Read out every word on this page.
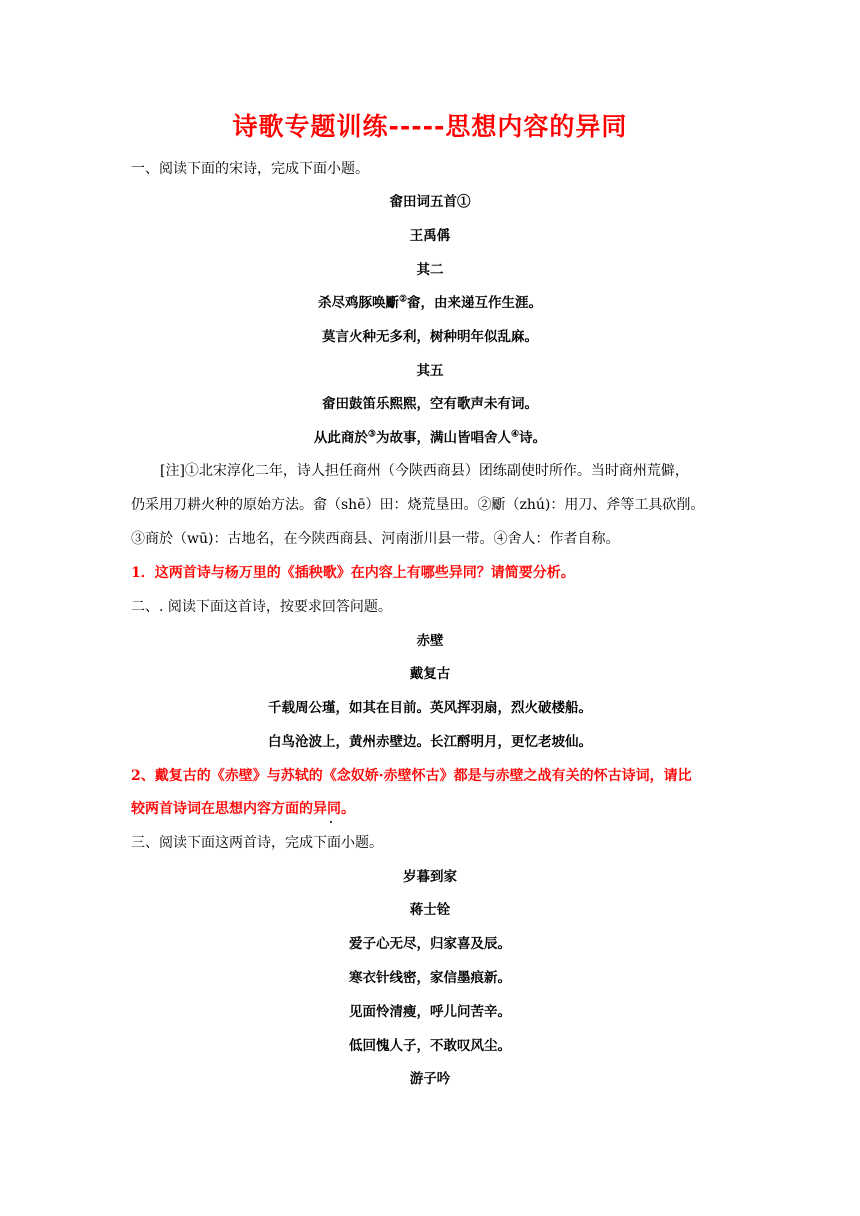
诗歌专题训练-----思想内容的异同
一、阅读下面的宋诗，完成下面小题。
畲田词五首①
王禹偁
其二
杀尽鸡豚唤斸②畲，由来递互作生涯。
莫言火种无多利，树种明年似乱麻。
其五
畲田鼓笛乐熙熙，空有歌声未有词。
从此商於③为故事，满山皆唱舍人④诗。
[注]①北宋淳化二年，诗人担任商州（今陕西商县）团练副使时所作。当时商州荒僻，
仍采用刀耕火种的原始方法。畲（shē）田：烧荒垦田。②斸（zhú)：用刀、斧等工具砍削。
③商於（wū)：古地名，在今陕西商县、河南浙川县一带。④舍人：作者自称。
1．这两首诗与杨万里的《插秧歌》在内容上有哪些异同？请简要分析。
二、. 阅读下面这首诗，按要求回答问题。
赤壁
戴复古
千载周公瑾，如其在目前。英风挥羽扇，烈火破楼船。
白鸟沧波上，黄州赤壁边。长江酹明月，更忆老坡仙。
2、戴复古的《赤壁》与苏轼的《念奴娇·赤壁怀古》都是与赤壁之战有关的怀古诗词，请比
较两首诗词在思想内容方面的异同。
三、阅读下面这两首诗，完成下面小题。
岁暮到家
蒋士铨
爱子心无尽，归家喜及辰。
寒衣针线密，家信墨痕新。
见面怜清瘦，呼儿问苦辛。
低回愧人子，不敢叹风尘。
游子吟
